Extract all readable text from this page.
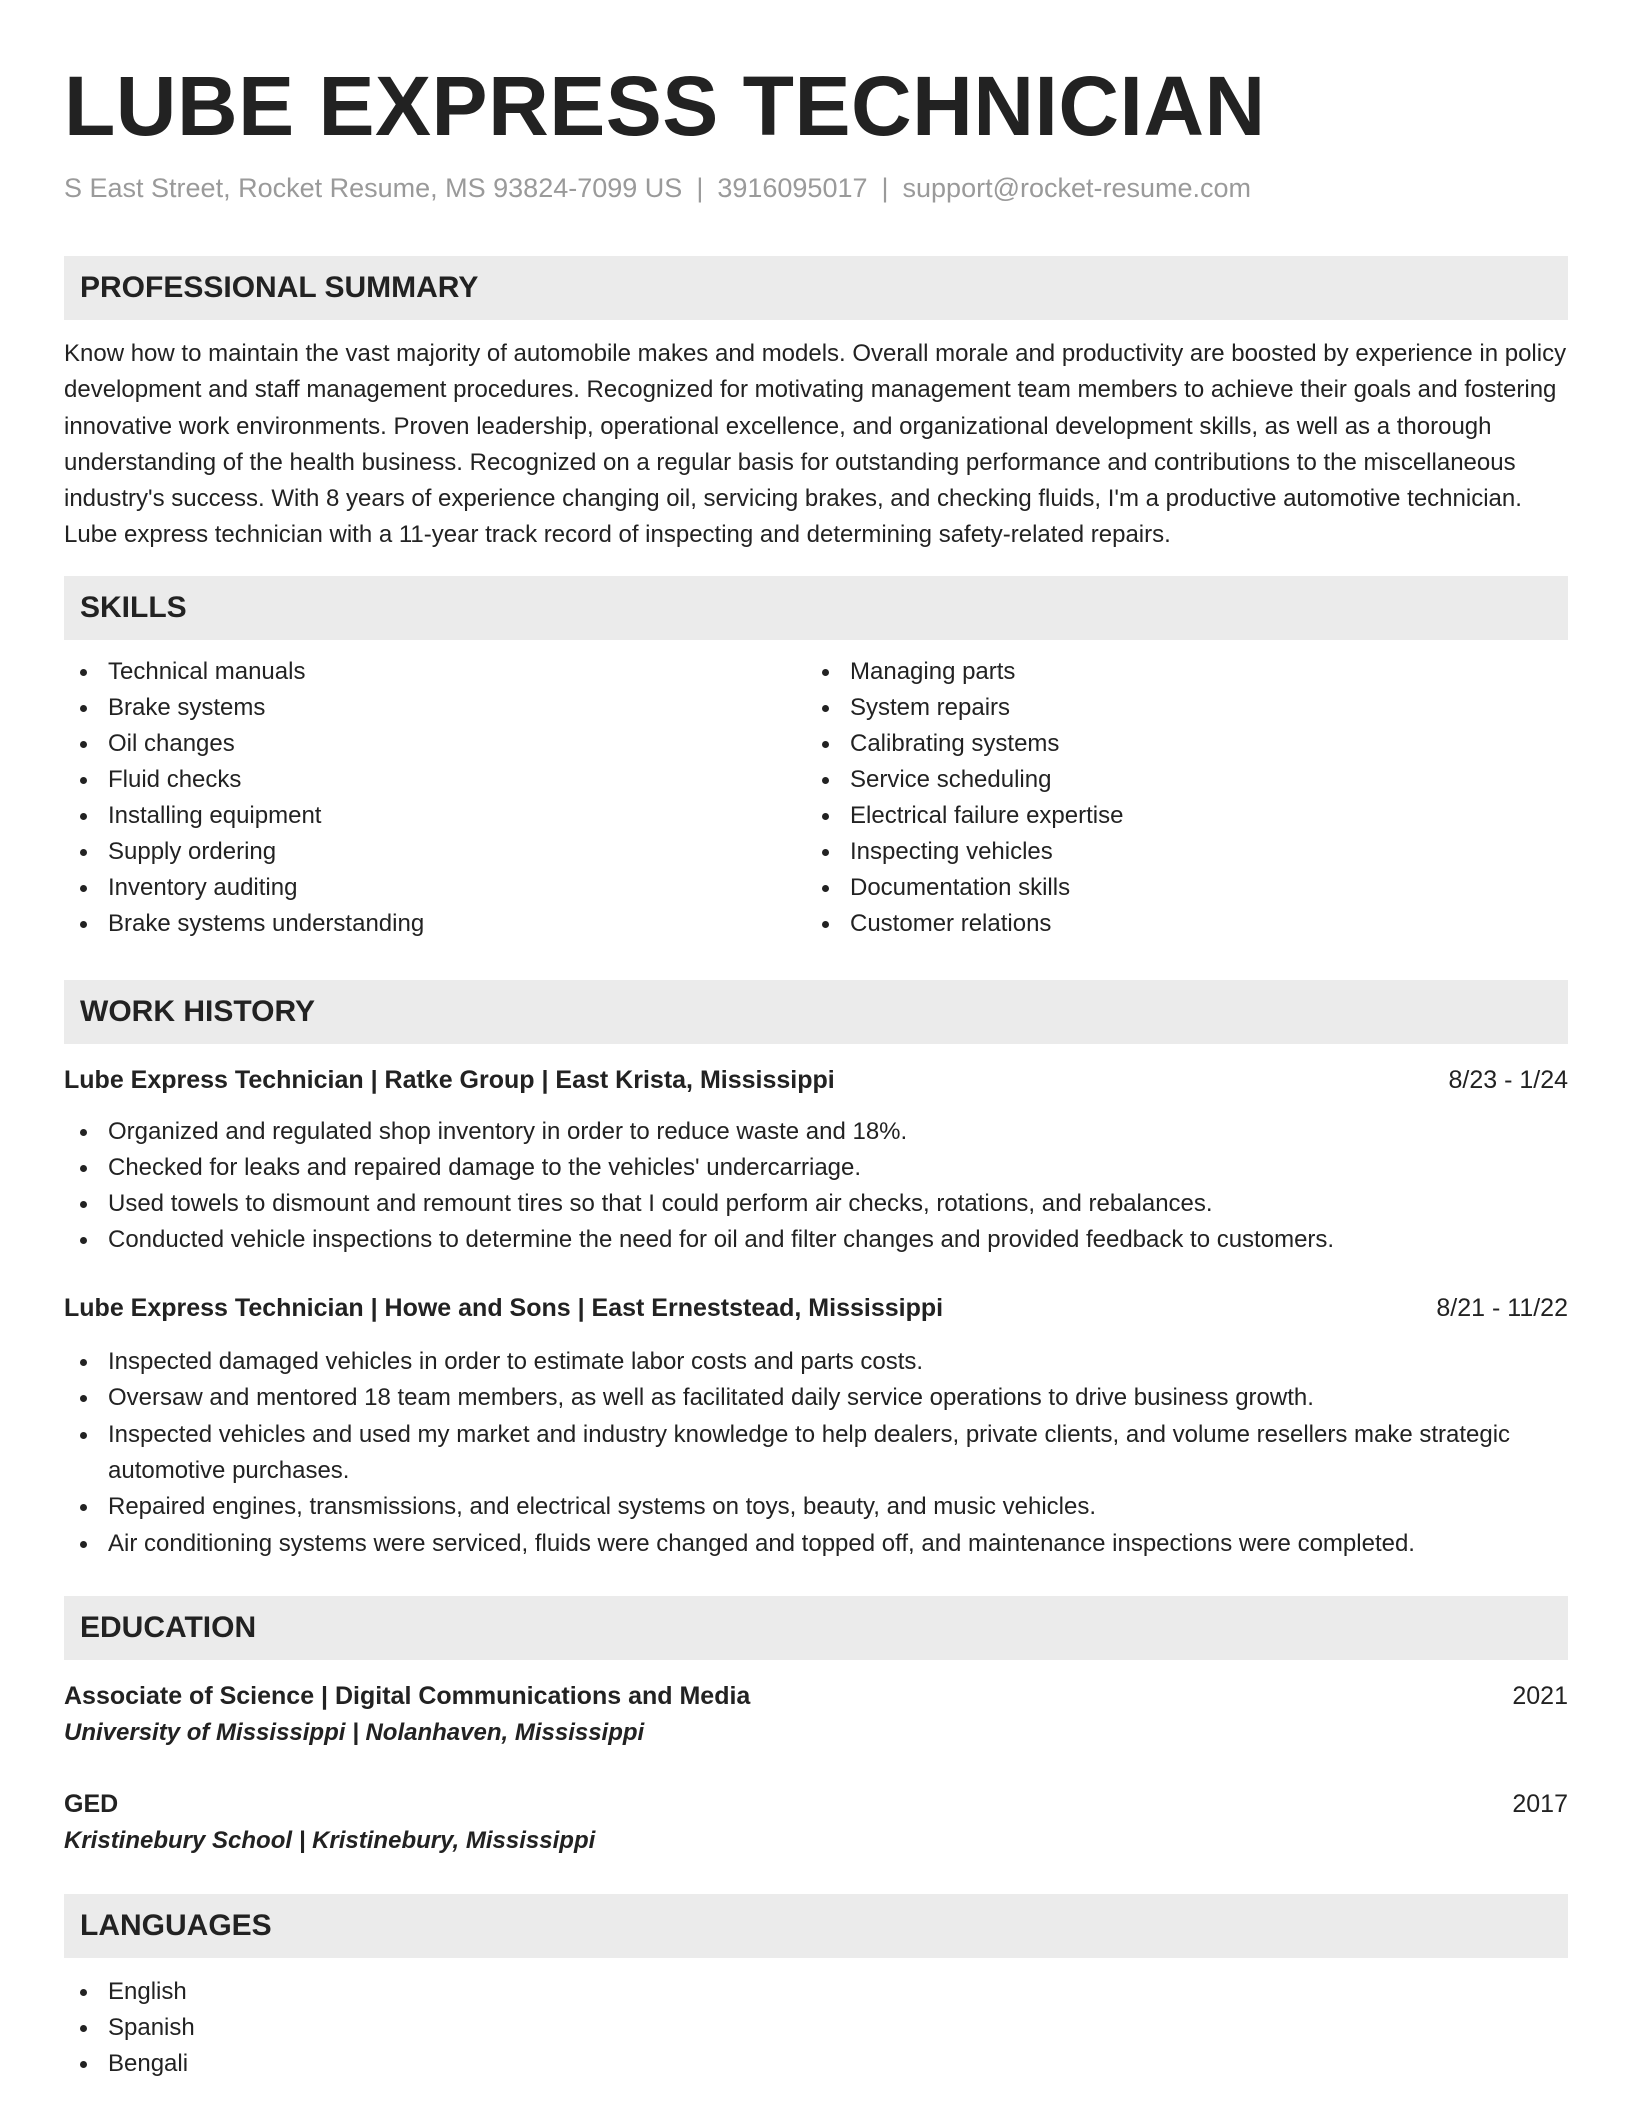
LUBE EXPRESS TECHNICIAN
S East Street, Rocket Resume, MS 93824-7099 US | 3916095017 | support@rocket-resume.com
PROFESSIONAL SUMMARY

Know how to maintain the vast majority of automobile makes and models. Overall morale and productivity are boosted by experience in policy development and staff management procedures. Recognized for motivating management team members to achieve their goals and fostering innovative work environments. Proven leadership, operational excellence, and organizational development skills, as well as a thorough understanding of the health business. Recognized on a regular basis for outstanding performance and contributions to the miscellaneous industry's success. With 8 years of experience changing oil, servicing brakes, and checking fluids, I'm a productive automotive technician. Lube express technician with a 11-year track record of inspecting and determining safety-related repairs.

SKILLS
Technical manuals
Brake systems
Oil changes
Fluid checks
Installing equipment
Supply ordering
Inventory auditing
Brake systems understanding
Managing parts
System repairs
Calibrating systems
Service scheduling
Electrical failure expertise
Inspecting vehicles
Documentation skills
Customer relations
WORK HISTORY
Lube Express Technician | Ratke Group | East Krista, Mississippi	8/23 - 1/24
Organized and regulated shop inventory in order to reduce waste and 18%.
Checked for leaks and repaired damage to the vehicles' undercarriage.
Used towels to dismount and remount tires so that I could perform air checks, rotations, and rebalances.
Conducted vehicle inspections to determine the need for oil and filter changes and provided feedback to customers.
Lube Express Technician | Howe and Sons | East Erneststead, Mississippi	8/21 - 11/22
Inspected damaged vehicles in order to estimate labor costs and parts costs.
Oversaw and mentored 18 team members, as well as facilitated daily service operations to drive business growth.
Inspected vehicles and used my market and industry knowledge to help dealers, private clients, and volume resellers make strategic automotive purchases.
Repaired engines, transmissions, and electrical systems on toys, beauty, and music vehicles.
Air conditioning systems were serviced, fluids were changed and topped off, and maintenance inspections were completed.
EDUCATION
Associate of Science | Digital Communications and Media	2021
University of Mississippi | Nolanhaven, Mississippi
GED	2017
Kristinebury School | Kristinebury, Mississippi
LANGUAGES
English
Spanish
Bengali
